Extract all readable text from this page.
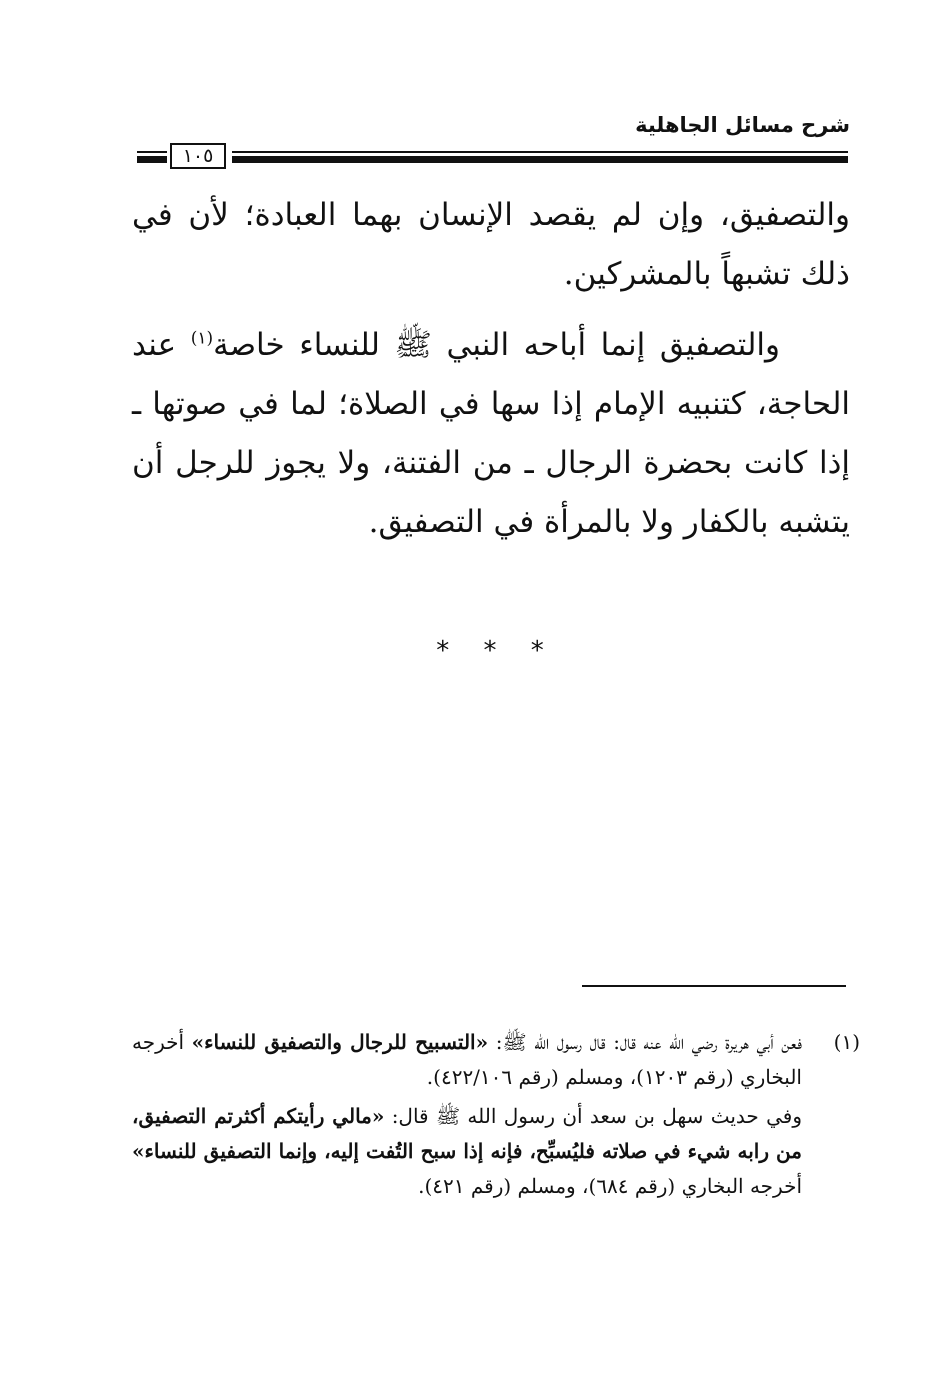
شرح مسائل الجاهلية
١٠٥

والتصفيق، وإن لم يقصد الإنسان بهما العبادة؛ لأن في ذلك تشبهاً بالمشركين.

والتصفيق إنما أباحه النبي ﷺ للنساء خاصة$^{(١)}$ عند الحاجة، كتنبيه الإمام إذا سها في الصلاة؛ لما في صوتها ـ إذا كانت بحضرة الرجال ـ من الفتنة، ولا يجوز للرجل أن يتشبه بالكفار ولا بالمرأة في التصفيق.

* * *
(١)

فعن أبي هريرة رضي الله عنه قال: قال رسول الله ﷺ: «التسبيح للرجال والتصفيق للنساء» أخرجه البخاري (رقم ١٢٠٣)، ومسلم (رقم ٤٢٢/١٠٦).

وفي حديث سهل بن سعد أن رسول الله ﷺ قال: «مالي رأيتكم أكثرتم التصفيق، من رابه شيء في صلاته فليُسبِّح، فإنه إذا سبح التُفت إليه، وإنما التصفيق للنساء» أخرجه البخاري (رقم ٦٨٤)، ومسلم (رقم ٤٢١).
